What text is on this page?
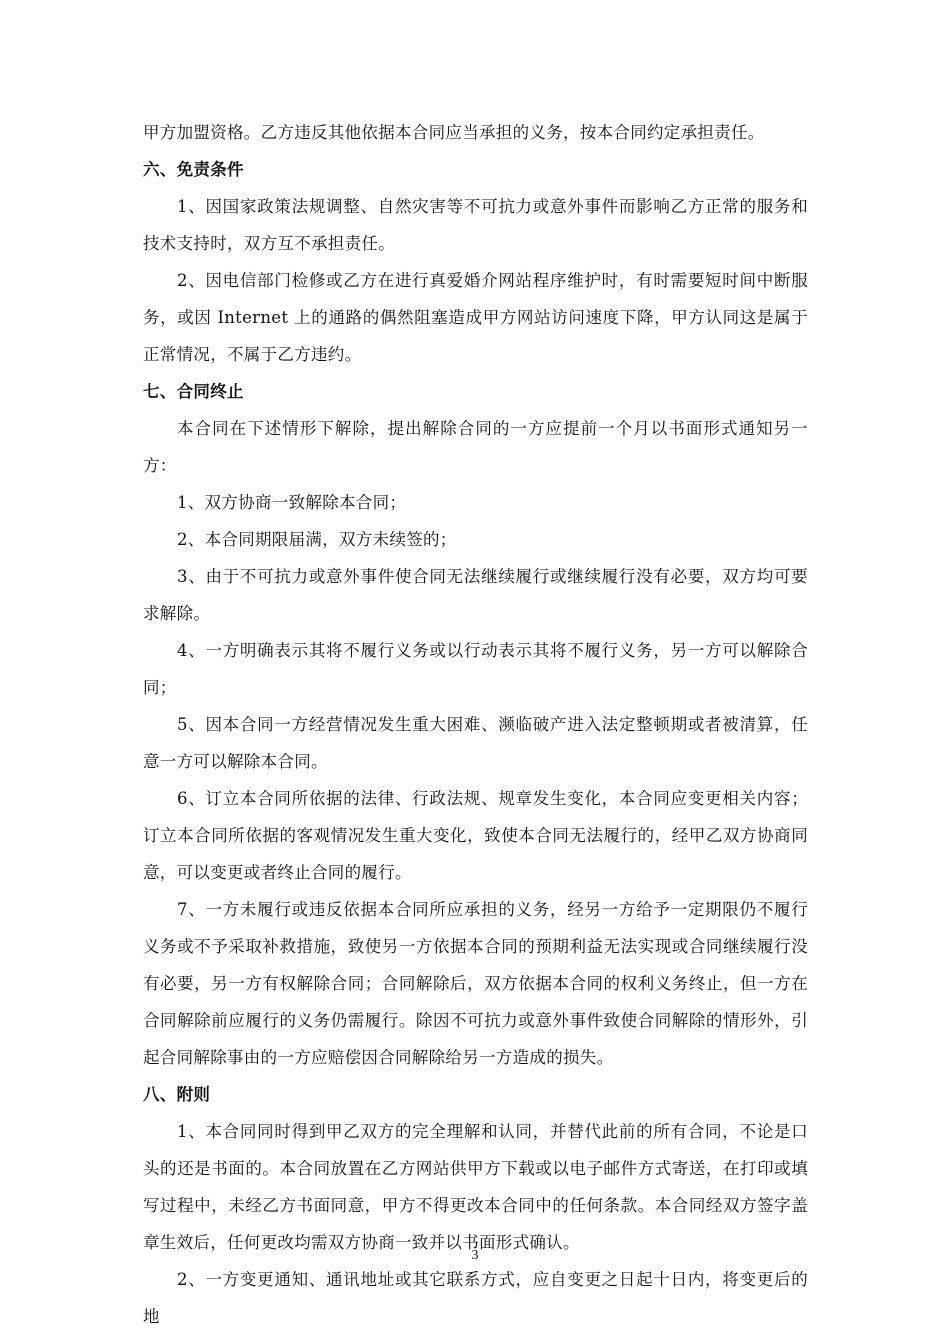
甲方加盟资格。乙方违反其他依据本合同应当承担的义务，按本合同约定承担责任。

六、免责条件

1、因国家政策法规调整、自然灾害等不可抗力或意外事件而影响乙方正常的服务和技术支持时，双方互不承担责任。

2、因电信部门检修或乙方在进行真爱婚介网站程序维护时，有时需要短时间中断服务，或因 Internet 上的通路的偶然阻塞造成甲方网站访问速度下降，甲方认同这是属于正常情况，不属于乙方违约。

七、合同终止

本合同在下述情形下解除，提出解除合同的一方应提前一个月以书面形式通知另一方：

1、双方协商一致解除本合同；

2、本合同期限届满，双方未续签的；

3、由于不可抗力或意外事件使合同无法继续履行或继续履行没有必要，双方均可要求解除。

4、一方明确表示其将不履行义务或以行动表示其将不履行义务，另一方可以解除合同；

5、因本合同一方经营情况发生重大困难、濒临破产进入法定整顿期或者被清算，任意一方可以解除本合同。

6、订立本合同所依据的法律、行政法规、规章发生变化，本合同应变更相关内容；订立本合同所依据的客观情况发生重大变化，致使本合同无法履行的，经甲乙双方协商同意，可以变更或者终止合同的履行。

7、一方未履行或违反依据本合同所应承担的义务，经另一方给予一定期限仍不履行义务或不予采取补救措施，致使另一方依据本合同的预期利益无法实现或合同继续履行没有必要，另一方有权解除合同；合同解除后，双方依据本合同的权利义务终止，但一方在合同解除前应履行的义务仍需履行。除因不可抗力或意外事件致使合同解除的情形外，引起合同解除事由的一方应赔偿因合同解除给另一方造成的损失。

八、附则

1、本合同同时得到甲乙双方的完全理解和认同，并替代此前的所有合同，不论是口头的还是书面的。本合同放置在乙方网站供甲方下载或以电子邮件方式寄送，在打印或填写过程中，未经乙方书面同意，甲方不得更改本合同中的任何条款。本合同经双方签字盖章生效后，任何更改均需双方协商一致并以书面形式确认。

2、一方变更通知、通讯地址或其它联系方式，应自变更之日起十日内，将变更后的地

3
